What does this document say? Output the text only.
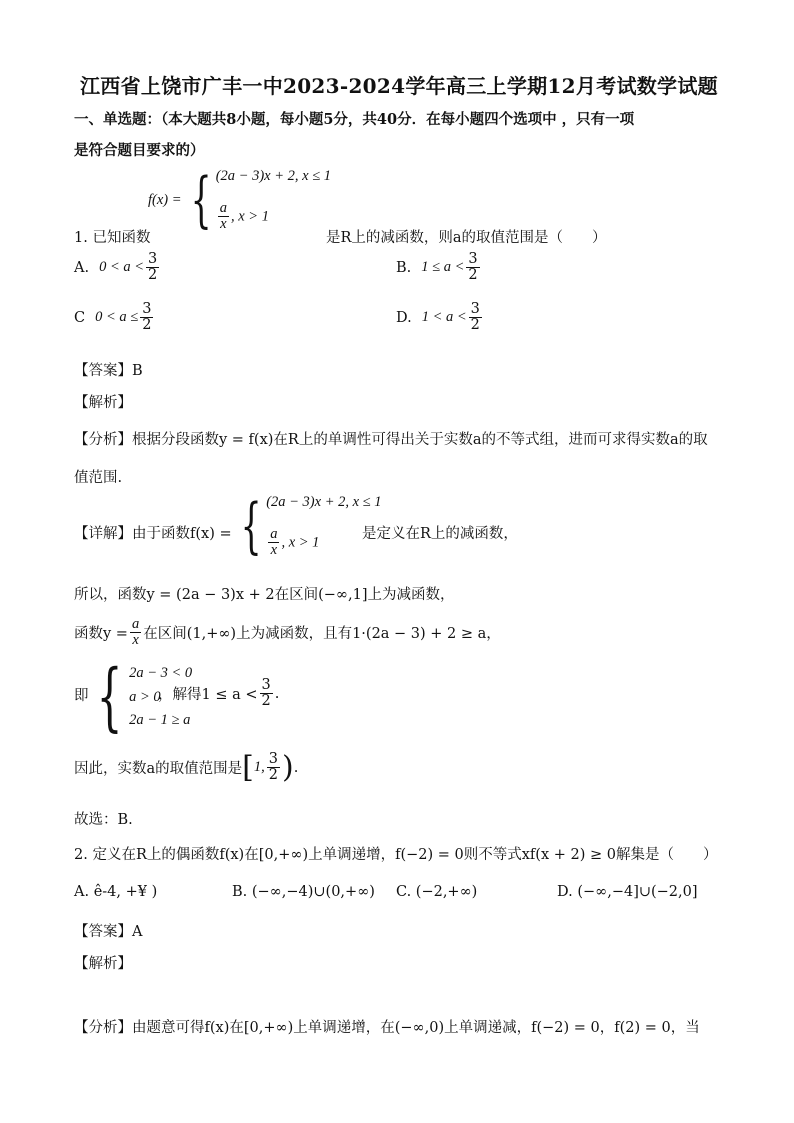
江西省上饶市广丰一中2023-2024学年高三上学期12月考试数学试题
一、单选题：（本大题共8小题，每小题5分，共40分．在每小题四个选项中 ，只有一项
是符合题目要求的）
f(x) = { (2a − 3)x + 2, x ≤ 1
$\frac{a}{x}$ , x > 1
1. 已知函数	是R上的减函数，则a的取值范围是（　　）
A. $0 < a < \frac{3}{2}$	B. $1 \le a < \frac{3}{2}$
C $0 < a \le \frac{3}{2}$	D. $1 < a < \frac{3}{2}$
【答案】B
【解析】
【分析】根据分段函数y = f(x)在R上的单调性可得出关于实数a的不等式组，进而可求得实数a的取
值范围.
【详解】由于函数f(x) = { (2a − 3)x + 2, x ≤ 1
$\frac{a}{x}$ , x > 1
是定义在R上的减函数，
所以，函数y = (2a − 3)x + 2在区间(−∞,1]上为减函数，
函数$y = \frac{a}{x}$ 在区间(1,+∞)上为减函数，且有1·(2a − 3) + 2 ≥ a，
即 { 2a − 3 < 0
a > 0
2a − 1 ≥ a
，解得$1 \le a < \frac{3}{2}$ .
因此，实数a的取值范围是 [ 1, $\frac{3}{2}$ ) .
故选：B.
2. 定义在R上的偶函数f(x)在[0,+∞)上单调递增，f(−2) = 0则不等式xf(x + 2) ≥ 0解集是（　　）
A. ê-4, +¥ )	B. (−∞,−4)∪(0,+∞) C. (−2,+∞)	D. (−∞,−4]∪(−2,0]
【答案】A
【解析】
【分析】由题意可得f(x)在[0,+∞)上单调递增，在(−∞,0)上单调递减，f(−2) = 0，f(2) = 0，当
